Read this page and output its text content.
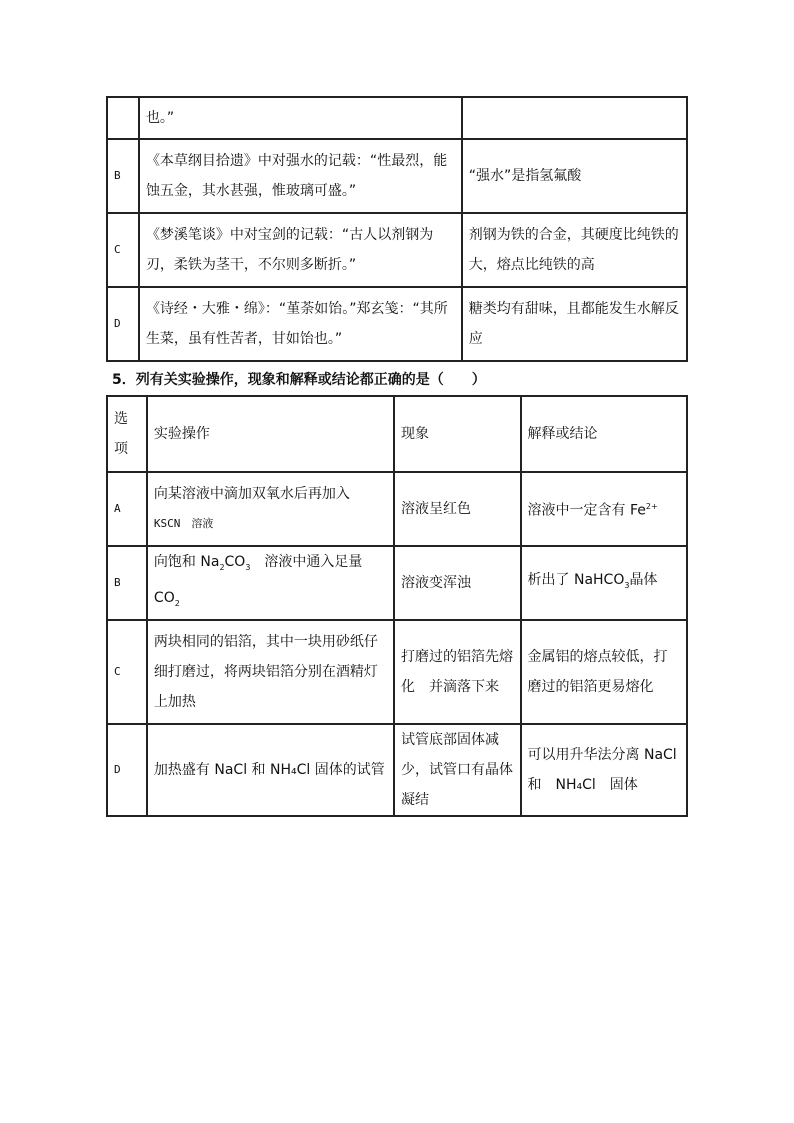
	也。”	
B	《本草纲目拾遗》中对强水的记载：“性最烈，能蚀五金，其水甚强，惟玻璃可盛。”	“强水”是指氢氟酸
C	《梦溪笔谈》中对宝剑的记载：“古人以剂钢为刃，柔铁为茎干，不尔则多断折。”	剂钢为铁的合金，其硬度比纯铁的大，熔点比纯铁的高
D	《诗经・大雅・绵》：“堇荼如饴。”郑玄笺：“其所生菜，虽有性苦者，甘如饴也。”	糖类均有甜味，且都能发生水解反应
5．列有关实验操作，现象和解释或结论都正确的是（　　）
选项	实验操作	现象	解释或结论
A	向某溶液中滴加双氧水后再加入
KSCN　溶液	溶液呈红色	溶液中一定含有 $Fe^{2+}$
B	向饱和 $Na_2CO_3$　溶液中通入足量 $CO_2$	溶液变浑浊	析出了 NaHCO$_3$晶体
C	两块相同的铝箔，其中一块用砂纸仔细打磨过，将两块铝箔分别在酒精灯上加热	打磨过的铝箔先熔化　并滴落下来	金属铝的熔点较低，打磨过的铝箔更易熔化
D	加热盛有 NaCl 和 NH₄Cl 固体的试管	试管底部固体减少，试管口有晶体凝结	可以用升华法分离 NaCl　和　NH₄Cl　固体
